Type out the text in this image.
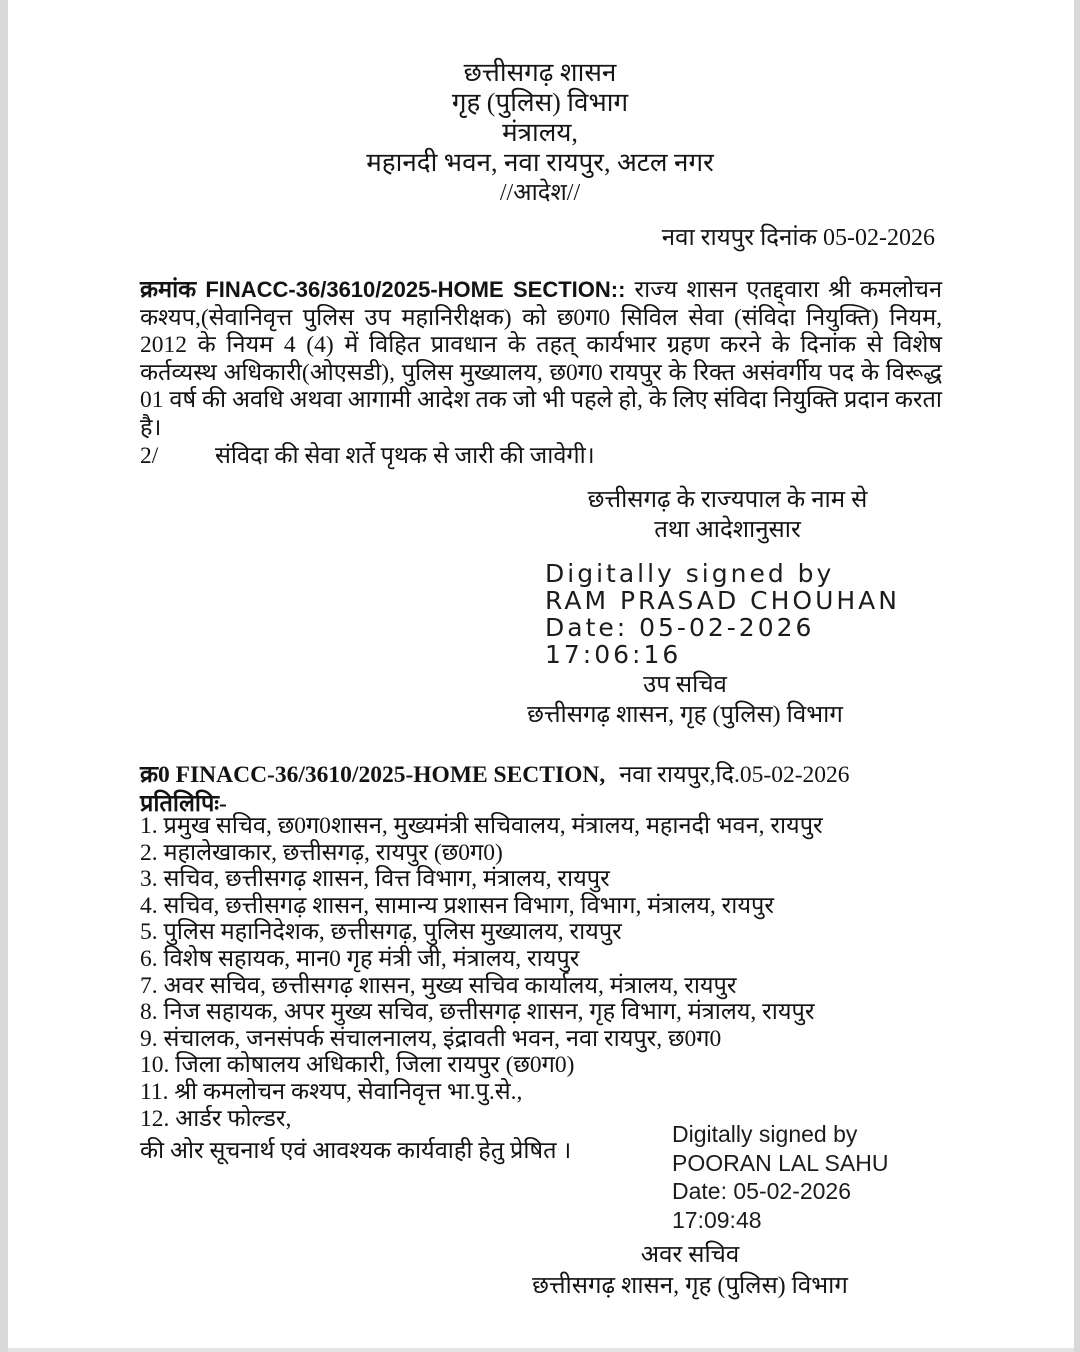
छत्तीसगढ़ शासन
गृह (पुलिस) विभाग
मंत्रालय,
महानदी भवन, नवा रायपुर, अटल नगर
//आदेश//
नवा रायपुर दिनांक 05-02-2026

क्रमांक FINACC-36/3610/2025-HOME SECTION:: राज्य शासन एतद्द्वारा श्री कमलोचन कश्यप,(सेवानिवृत्त पुलिस उप महानिरीक्षक) को छ0ग0 सिविल सेवा (संविदा नियुक्ति) नियम, 2012 के नियम 4 (4) में विहित प्रावधान के तहत् कार्यभार ग्रहण करने के दिनांक से विशेष कर्तव्यस्थ अधिकारी(ओएसडी), पुलिस मुख्यालय, छ0ग0 रायपुर के रिक्त असंवर्गीय पद के विरूद्ध 01 वर्ष की अवधि अथवा आगामी आदेश तक जो भी पहले हो, के लिए संविदा नियुक्ति प्रदान करता है।

2/ संविदा की सेवा शर्ते पृथक से जारी की जावेगी।
छत्तीसगढ़ के राज्यपाल के नाम से
तथा आदेशानुसार
Digitally signed by
RAM PRASAD CHOUHAN
Date: 05-02-2026
17:06:16
उप सचिव
छत्तीसगढ़ शासन, गृह (पुलिस) विभाग
क्र0 FINACC-36/3610/2025-HOME SECTION, नवा रायपुर,दि.05-02-2026
प्रतिलिपिः-
1. प्रमुख सचिव, छ0ग0शासन, मुख्यमंत्री सचिवालय, मंत्रालय, महानदी भवन, रायपुर
2. महालेखाकार, छत्तीसगढ़, रायपुर (छ0ग0)
3. सचिव, छत्तीसगढ़ शासन, वित्त विभाग, मंत्रालय, रायपुर
4. सचिव, छत्तीसगढ़ शासन, सामान्य प्रशासन विभाग, विभाग, मंत्रालय, रायपुर
5. पुलिस महानिदेशक, छत्तीसगढ़, पुलिस मुख्यालय, रायपुर
6. विशेष सहायक, मान0 गृह मंत्री जी, मंत्रालय, रायपुर
7. अवर सचिव, छत्तीसगढ़ शासन, मुख्य सचिव कार्यालय, मंत्रालय, रायपुर
8. निज सहायक, अपर मुख्य सचिव, छत्तीसगढ़ शासन, गृह विभाग, मंत्रालय, रायपुर
9. संचालक, जनसंपर्क संचालनालय, इंद्रावती भवन, नवा रायपुर, छ0ग0
10. जिला कोषालय अधिकारी, जिला रायपुर (छ0ग0)
11. श्री कमलोचन कश्यप, सेवानिवृत्त भा.पु.से.,
12. आर्डर फोल्डर,
की ओर सूचनार्थ एवं आवश्यक कार्यवाही हेतु प्रेषित ।
Digitally signed by
POORAN LAL SAHU
Date: 05-02-2026
17:09:48
अवर सचिव
छत्तीसगढ़ शासन, गृह (पुलिस) विभाग
